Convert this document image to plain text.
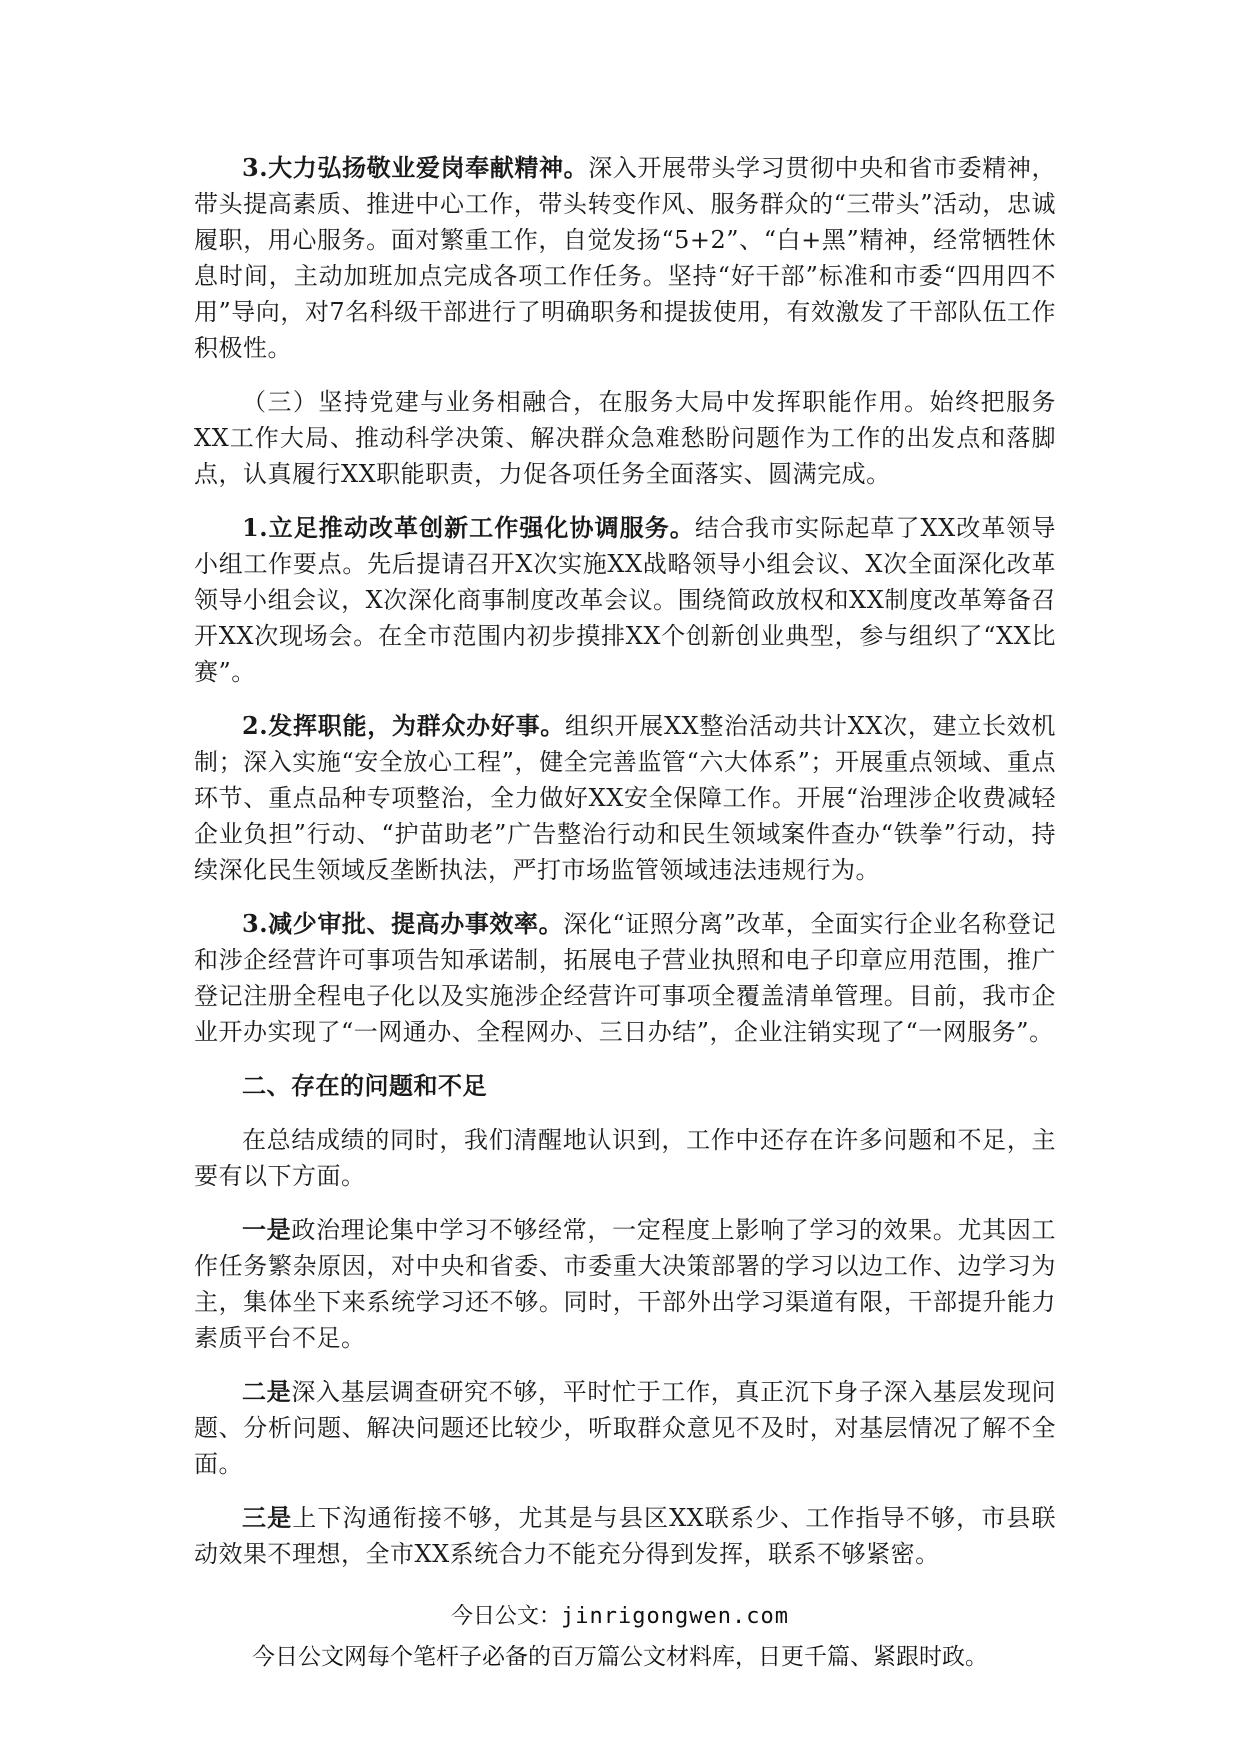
3.大力弘扬敬业爱岗奉献精神。深入开展带头学习贯彻中央和省市委精神，带头提高素质、推进中心工作，带头转变作风、服务群众的“三带头”活动，忠诚履职，用心服务。面对繁重工作，自觉发扬“5+2”、“白+黑”精神，经常牺牲休息时间，主动加班加点完成各项工作任务。坚持“好干部”标准和市委“四用四不用”导向，对7名科级干部进行了明确职务和提拔使用，有效激发了干部队伍工作积极性。

（三）坚持党建与业务相融合，在服务大局中发挥职能作用。始终把服务XX工作大局、推动科学决策、解决群众急难愁盼问题作为工作的出发点和落脚点，认真履行XX职能职责，力促各项任务全面落实、圆满完成。

1.立足推动改革创新工作强化协调服务。结合我市实际起草了XX改革领导小组工作要点。先后提请召开X次实施XX战略领导小组会议、X次全面深化改革领导小组会议，X次深化商事制度改革会议。围绕简政放权和XX制度改革筹备召开XX次现场会。在全市范围内初步摸排XX个创新创业典型，参与组织了“XX比赛”。

2.发挥职能，为群众办好事。组织开展XX整治活动共计XX次，建立长效机制；深入实施“安全放心工程”，健全完善监管“六大体系”；开展重点领域、重点环节、重点品种专项整治，全力做好XX安全保障工作。开展“治理涉企收费减轻企业负担”行动、“护苗助老”广告整治行动和民生领域案件查办“铁拳”行动，持续深化民生领域反垄断执法，严打市场监管领域违法违规行为。

3.减少审批、提高办事效率。深化“证照分离”改革，全面实行企业名称登记和涉企经营许可事项告知承诺制，拓展电子营业执照和电子印章应用范围，推广登记注册全程电子化以及实施涉企经营许可事项全覆盖清单管理。目前，我市企业开办实现了“一网通办、全程网办、三日办结”，企业注销实现了“一网服务”。

二、存在的问题和不足

在总结成绩的同时，我们清醒地认识到，工作中还存在许多问题和不足，主要有以下方面。

一是政治理论集中学习不够经常，一定程度上影响了学习的效果。尤其因工作任务繁杂原因，对中央和省委、市委重大决策部署的学习以边工作、边学习为主，集体坐下来系统学习还不够。同时，干部外出学习渠道有限，干部提升能力素质平台不足。

二是深入基层调查研究不够，平时忙于工作，真正沉下身子深入基层发现问题、分析问题、解决问题还比较少，听取群众意见不及时，对基层情况了解不全面。

三是上下沟通衔接不够，尤其是与县区XX联系少、工作指导不够，市县联动效果不理想，全市XX系统合力不能充分得到发挥，联系不够紧密。

今日公文：jinrigongwen.com
今日公文网每个笔杆子必备的百万篇公文材料库，日更千篇、紧跟时政。
